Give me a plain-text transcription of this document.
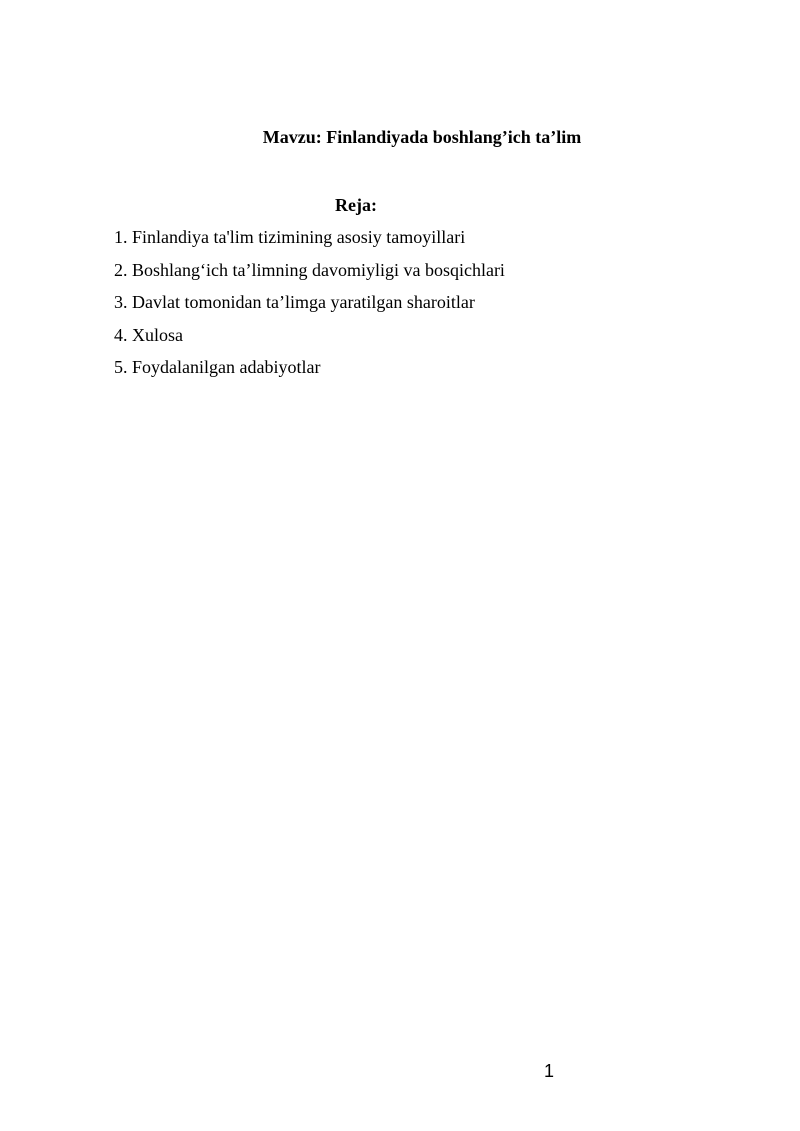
Mavzu: Finlandiyada boshlang’ich ta’lim
Reja:
1. Finlandiya ta'lim tizimining asosiy tamoyillari
2. Boshlang‘ich ta’limning davomiyligi va bosqichlari
3. Davlat tomonidan ta’limga yaratilgan sharoitlar
4. Xulosa
5. Foydalanilgan adabiyotlar
1
